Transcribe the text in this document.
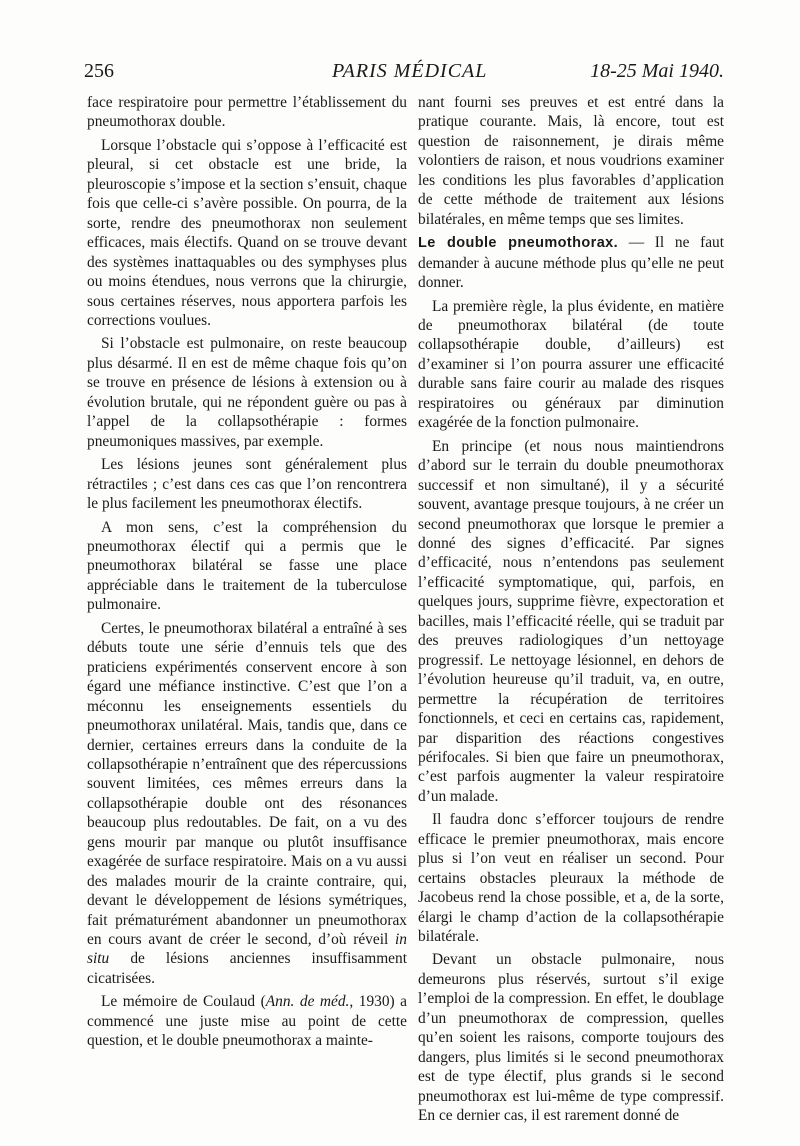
256	PARIS MÉDICAL	18-25 Mai 1940.

face respiratoire pour permettre l’établissement du pneumothorax double.

Lorsque l’obstacle qui s’oppose à l’efficacité est pleural, si cet obstacle est une bride, la pleuroscopie s’impose et la section s’ensuit, chaque fois que celle-ci s’avère possible. On pourra, de la sorte, rendre des pneumothorax non seulement efficaces, mais électifs. Quand on se trouve devant des systèmes inattaquables ou des symphyses plus ou moins étendues, nous verrons que la chirurgie, sous certaines réserves, nous apportera parfois les corrections voulues.

Si l’obstacle est pulmonaire, on reste beaucoup plus désarmé. Il en est de même chaque fois qu’on se trouve en présence de lésions à extension ou à évolution brutale, qui ne répondent guère ou pas à l’appel de la collapsothérapie : formes pneumoniques massives, par exemple.

Les lésions jeunes sont généralement plus rétractiles ; c’est dans ces cas que l’on rencontrera le plus facilement les pneumothorax électifs.

A mon sens, c’est la compréhension du pneumothorax électif qui a permis que le pneumothorax bilatéral se fasse une place appréciable dans le traitement de la tuberculose pulmonaire.

Certes, le pneumothorax bilatéral a entraîné à ses débuts toute une série d’ennuis tels que des praticiens expérimentés conservent encore à son égard une méfiance instinctive. C’est que l’on a méconnu les enseignements essentiels du pneumothorax unilatéral. Mais, tandis que, dans ce dernier, certaines erreurs dans la conduite de la collapsothérapie n’entraînent que des répercussions souvent limitées, ces mêmes erreurs dans la collapsothérapie double ont des résonances beaucoup plus redoutables. De fait, on a vu des gens mourir par manque ou plutôt insuffisance exagérée de surface respiratoire. Mais on a vu aussi des malades mourir de la crainte contraire, qui, devant le développement de lésions symétriques, fait prématurément abandonner un pneumothorax en cours avant de créer le second, d’où réveil in situ de lésions anciennes insuffisamment cicatrisées.

Le mémoire de Coulaud (Ann. de méd., 1930) a commencé une juste mise au point de cette question, et le double pneumothorax a mainte-

nant fourni ses preuves et est entré dans la pratique courante. Mais, là encore, tout est question de raisonnement, je dirais même volontiers de raison, et nous voudrions examiner les conditions les plus favorables d’application de cette méthode de traitement aux lésions bilatérales, en même temps que ses limites.

Le double pneumothorax. — Il ne faut demander à aucune méthode plus qu’elle ne peut donner.

La première règle, la plus évidente, en matière de pneumothorax bilatéral (de toute collapsothérapie double, d’ailleurs) est d’examiner si l’on pourra assurer une efficacité durable sans faire courir au malade des risques respiratoires ou généraux par diminution exagérée de la fonction pulmonaire.

En principe (et nous nous maintiendrons d’abord sur le terrain du double pneumothorax successif et non simultané), il y a sécurité souvent, avantage presque toujours, à ne créer un second pneumothorax que lorsque le premier a donné des signes d’efficacité. Par signes d’efficacité, nous n’entendons pas seulement l’efficacité symptomatique, qui, parfois, en quelques jours, supprime fièvre, expectoration et bacilles, mais l’efficacité réelle, qui se traduit par des preuves radiologiques d’un nettoyage progressif. Le nettoyage lésionnel, en dehors de l’évolution heureuse qu’il traduit, va, en outre, permettre la récupération de territoires fonctionnels, et ceci en certains cas, rapidement, par disparition des réactions congestives périfocales. Si bien que faire un pneumothorax, c’est parfois augmenter la valeur respiratoire d’un malade.

Il faudra donc s’efforcer toujours de rendre efficace le premier pneumothorax, mais encore plus si l’on veut en réaliser un second. Pour certains obstacles pleuraux la méthode de Jacobeus rend la chose possible, et a, de la sorte, élargi le champ d’action de la collapsothérapie bilatérale.

Devant un obstacle pulmonaire, nous demeurons plus réservés, surtout s’il exige l’emploi de la compression. En effet, le doublage d’un pneumothorax de compression, quelles qu’en soient les raisons, comporte toujours des dangers, plus limités si le second pneumothorax est de type électif, plus grands si le second pneumothorax est lui-même de type compressif. En ce dernier cas, il est rarement donné de
